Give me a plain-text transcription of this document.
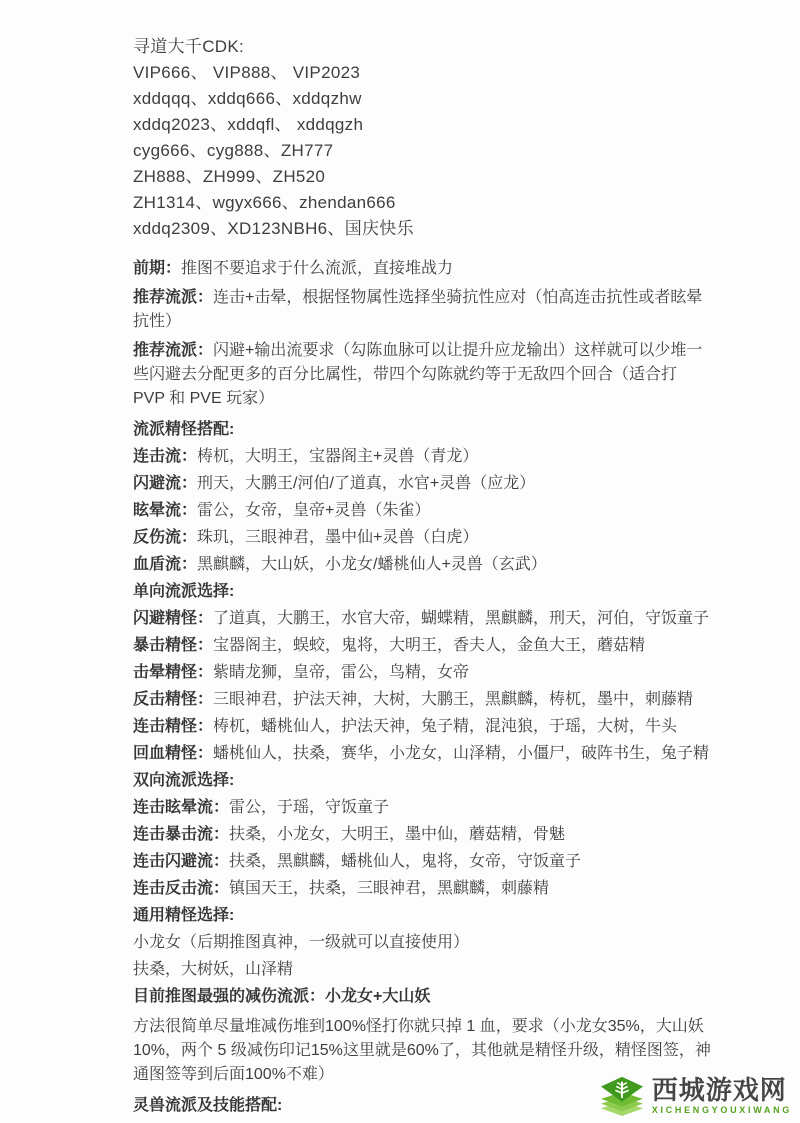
寻道大千CDK:
VIP666、 VIP888、 VIP2023
xddqqq、xddq666、xddqzhw
xddq2023、xddqfl、 xddqgzh
cyg666、cyg888、ZH777
ZH888、ZH999、ZH520
ZH1314、wgyx666、zhendan666
xddq2309、XD123NBH6、国庆快乐
前期：推图不要追求于什么流派，直接堆战力
推荐流派：连击+击晕，根据怪物属性选择坐骑抗性应对（怕高连击抗性或者眩晕抗性）
推荐流派：闪避+输出流要求（勾陈血脉可以让提升应龙输出）这样就可以少堆一些闪避去分配更多的百分比属性，带四个勾陈就约等于无敌四个回合（适合打 PVP 和 PVE 玩家）
流派精怪搭配:
连击流：梼杌，大明王，宝器阁主+灵兽（青龙）
闪避流：刑天，大鹏王/河伯/了道真，水官+灵兽（应龙）
眩晕流：雷公，女帝，皇帝+灵兽（朱雀）
反伤流：珠玑，三眼神君，墨中仙+灵兽（白虎）
血盾流：黑麒麟，大山妖，小龙女/蟠桃仙人+灵兽（玄武）
单向流派选择:
闪避精怪：了道真，大鹏王，水官大帝，蝴蝶精，黑麒麟，刑天，河伯，守饭童子
暴击精怪：宝器阁主，蜈蛟，鬼将，大明王，香夫人，金鱼大王，蘑菇精
击晕精怪：紫睛龙狮，皇帝，雷公，鸟精，女帝
反击精怪：三眼神君，护法天神，大树，大鹏王，黑麒麟，梼杌，墨中，刺藤精
连击精怪：梼杌，蟠桃仙人，护法天神，兔子精，混沌狼，于瑶，大树，牛头
回血精怪：蟠桃仙人，扶桑，赛华，小龙女，山泽精，小僵尸，破阵书生，兔子精
双向流派选择:
连击眩晕流：雷公，于瑶，守饭童子
连击暴击流：扶桑，小龙女，大明王，墨中仙，蘑菇精，骨魅
连击闪避流：扶桑，黑麒麟，蟠桃仙人，鬼将，女帝，守饭童子
连击反击流：镇国天王，扶桑，三眼神君，黑麒麟，刺藤精
通用精怪选择:
小龙女（后期推图真神，一级就可以直接使用）
扶桑，大树妖，山泽精
目前推图最强的减伤流派：小龙女+大山妖
方法很简单尽量堆减伤堆到100%怪打你就只掉 1 血，要求（小龙女35%，大山妖10%，两个 5 级减伤印记15%这里就是60%了，其他就是精怪升级，精怪图签，神通图签等到后面100%不难）
灵兽流派及技能搭配:
西城游戏网
XICHENGYOUXIWANG
